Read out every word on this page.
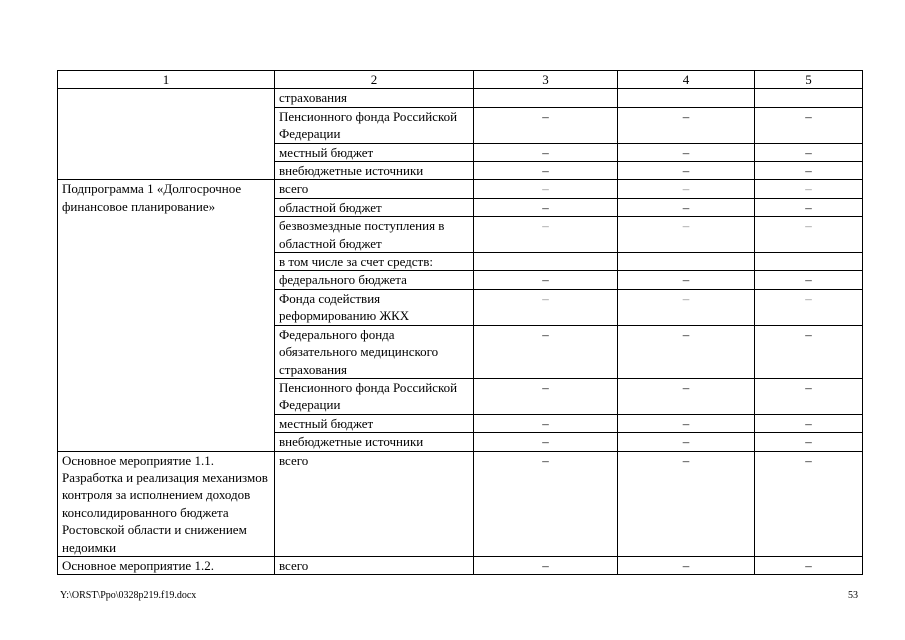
1	2	3	4	5
	страхования			
	Пенсионного фонда Российской Федерации	–	–	–
	местный бюджет	–	–	–
	внебюджетные источники	–	–	–
Подпрограмма 1 «Долгосрочное финансовое планирование»	всего	–	–	–
	областной бюджет	–	–	–
	безвозмездные поступления в областной бюджет	–	–	–
	в том числе за счет средств:			
	федерального бюджета	–	–	–
	Фонда содействия реформированию ЖКХ	–	–	–
	Федерального фонда обязательного медицинского страхования	–	–	–
	Пенсионного фонда Российской Федерации	–	–	–
	местный бюджет	–	–	–
	внебюджетные источники	–	–	–
Основное мероприятие 1.1. Разработка и реализация механизмов контроля за исполнением доходов консолидированного бюджета Ростовской области и снижением недоимки	всего	–	–	–
Основное мероприятие 1.2.	всего	–	–	–
Y:\ORST\Ppo\0328p219.f19.docx	53
